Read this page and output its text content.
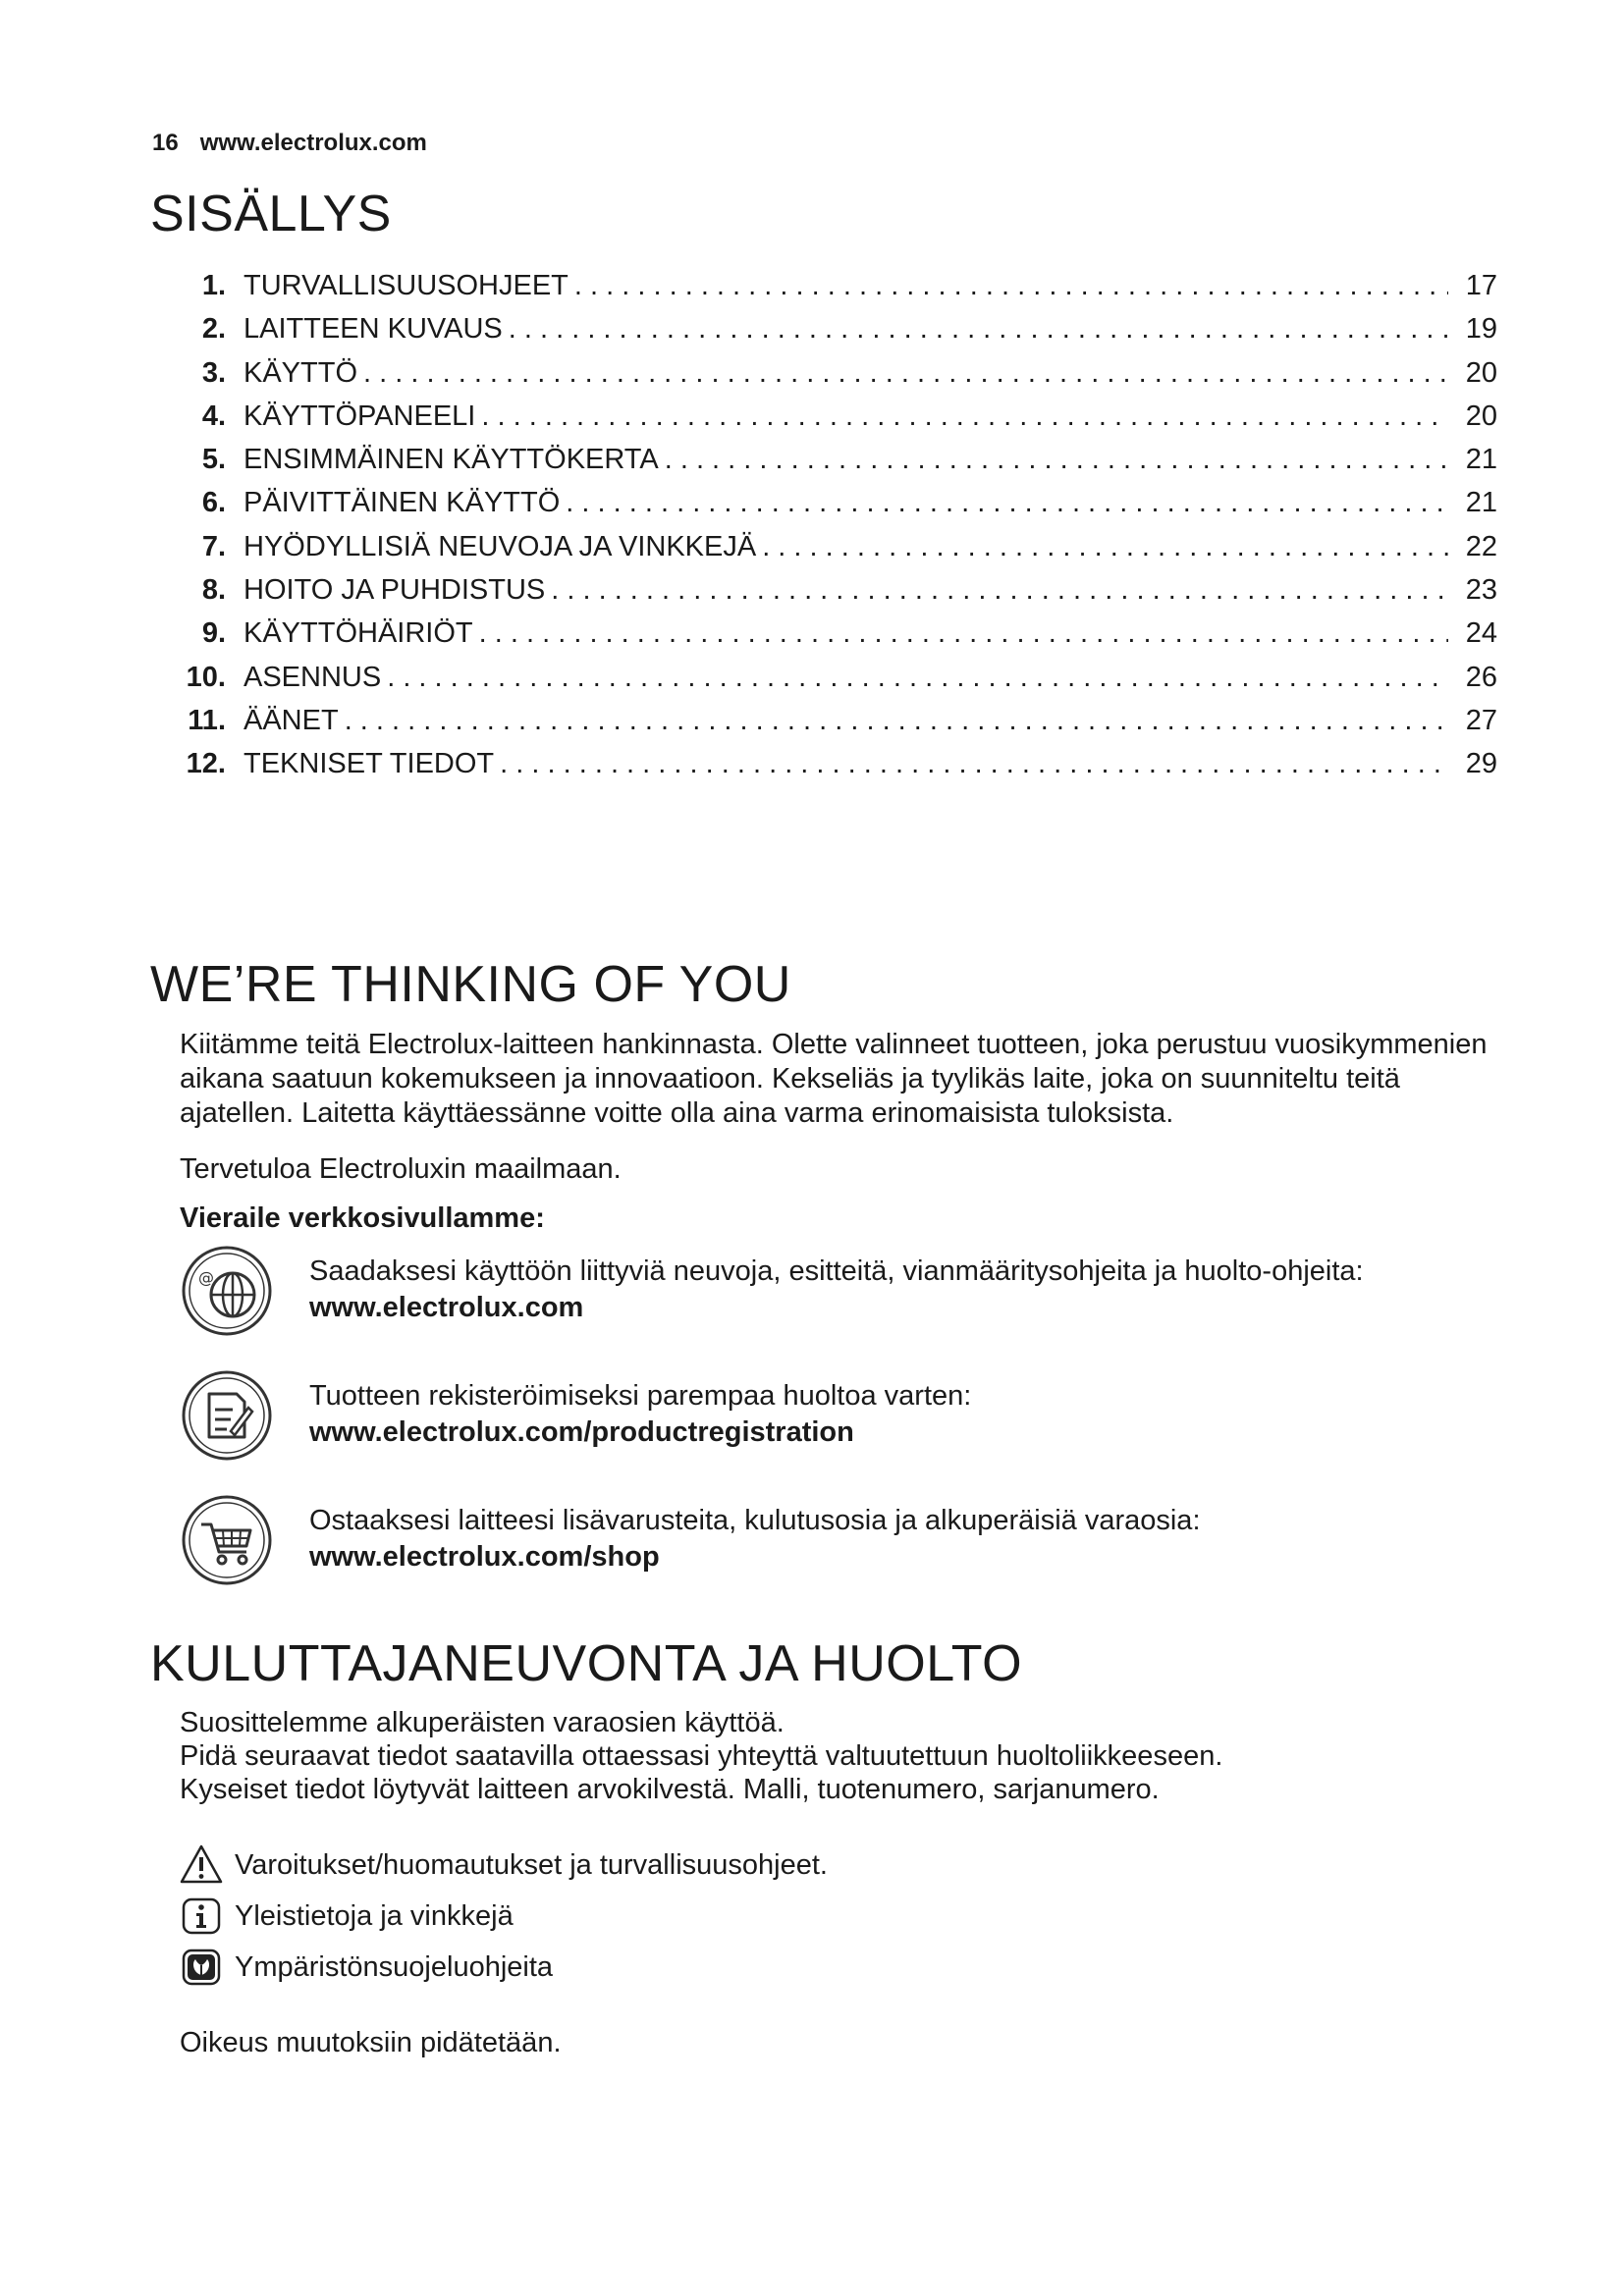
16 www.electrolux.com
SISÄLLYS
1. TURVALLISUUSOHJEET . . .	17
2. LAITTEEN KUVAUS . . .	19
3. KÄYTTÖ . . .	20
4. KÄYTTÖPANEELI . . .	20
5. ENSIMMÄINEN KÄYTTÖKERTA . . .	21
6. PÄIVITTÄINEN KÄYTTÖ . . .	21
7. HYÖDYLLISIÄ NEUVOJA JA VINKKEJÄ . . .	22
8. HOITO JA PUHDISTUS . . .	23
9. KÄYTTÖHÄIRIÖT . . .	24
10. ASENNUS . . .	26
11. ÄÄNET . . .	27
12. TEKNISET TIEDOT . . .	29
WE’RE THINKING OF YOU
Kiitämme teitä Electrolux-laitteen hankinnasta. Olette valinneet tuotteen, joka perustuu vuosikymmenien aikana saatuun kokemukseen ja innovaatioon. Kekseliäs ja tyylikäs laite, joka on suunniteltu teitä ajatellen. Laitetta käyttäessänne voitte olla aina varma erinomaisista tuloksista.
Tervetuloa Electroluxin maailmaan.
Vieraile verkkosivullamme:
@	Saadaksesi käyttöön liittyviä neuvoja, esitteitä, vianmääritysohjeita ja huolto-ohjeita:
www.electrolux.com
Tuotteen rekisteröimiseksi parempaa huoltoa varten:
www.electrolux.com/productregistration
Ostaaksesi laitteesi lisävarusteita, kulutusosia ja alkuperäisiä varaosia:
www.electrolux.com/shop
KULUTTAJANEUVONTA JA HUOLTO
Suosittelemme alkuperäisten varaosien käyttöä.
Pidä seuraavat tiedot saatavilla ottaessasi yhteyttä valtuutettuun huoltoliikkeeseen.
Kyseiset tiedot löytyvät laitteen arvokilvestä. Malli, tuotenumero, sarjanumero.
Varoitukset/huomautukset ja turvallisuusohjeet.
Yleistietoja ja vinkkejä
Ympäristönsuojeluohjeita
Oikeus muutoksiin pidätetään.
